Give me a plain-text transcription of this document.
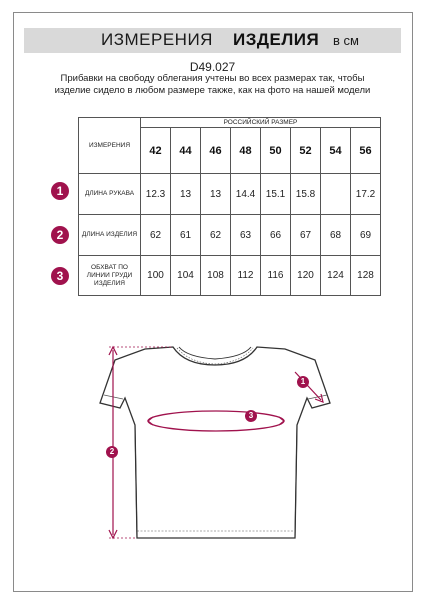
ИЗМЕРЕНИЯ ИЗДЕЛИЯ в см
D49.027
Прибавки на свободу облегания учтены во всех размерах так, чтобы изделие сидело в любом размере также, как на фото на нашей модели
ИЗМЕРЕНИЯ	РОССИЙСКИЙ РАЗМЕР							
	42	44	46	48	50	52	54	56
ДЛИНА РУКАВА	12.3	13	13	14.4	15.1	15.8		17.2
ДЛИНА ИЗДЕЛИЯ	62	61	62	63	66	67	68	69
ОБХВАТ ПО ЛИНИИ ГРУДИ ИЗДЕЛИЯ	100	104	108	112	116	120	124	128
1
2
3
1
2
3
